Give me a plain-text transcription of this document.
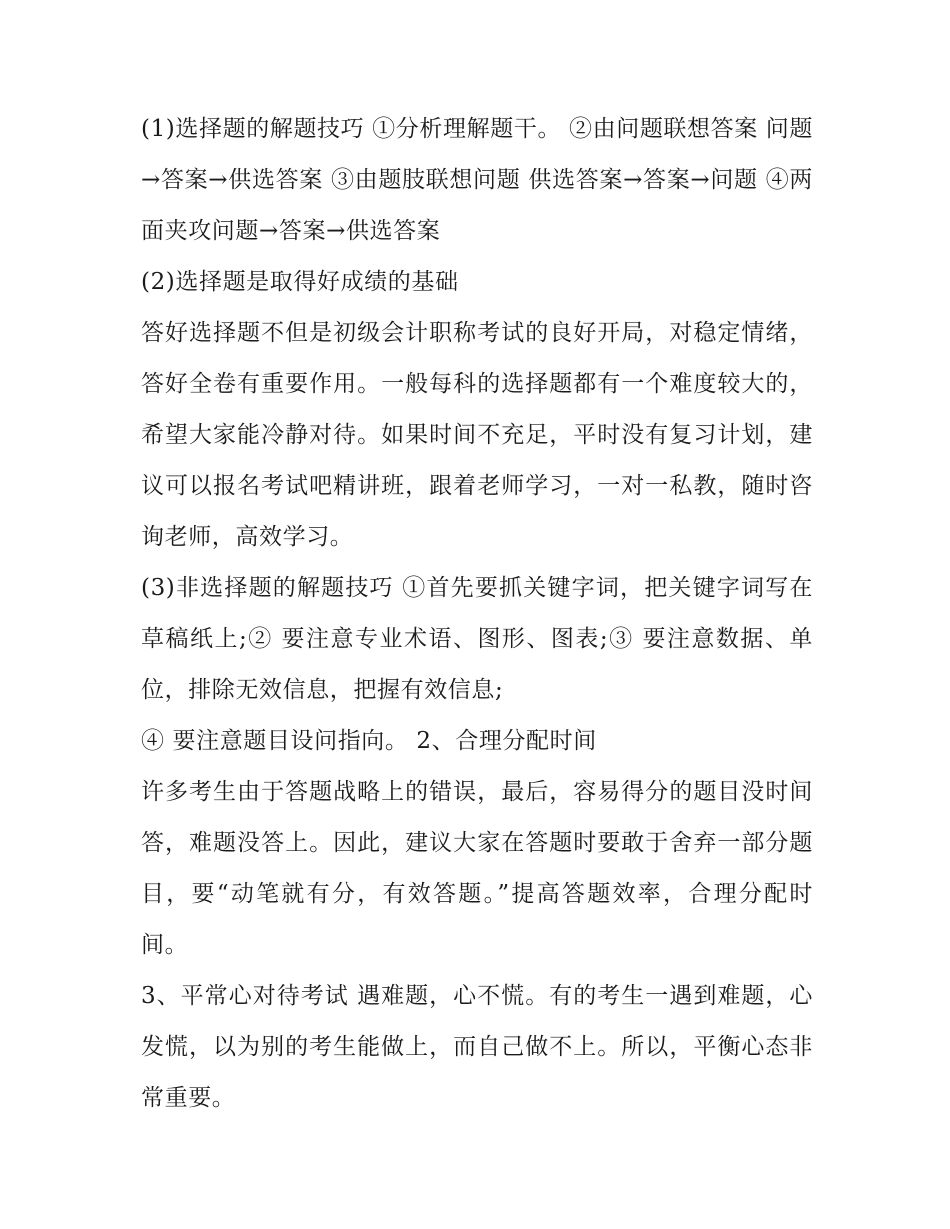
(1)选择题的解题技巧 ①分析理解题干。 ②由问题联想答案 问题→答案→供选答案 ③由题肢联想问题 供选答案→答案→问题 ④两面夹攻问题→答案→供选答案

(2)选择题是取得好成绩的基础

答好选择题不但是初级会计职称考试的良好开局，对稳定情绪，答好全卷有重要作用。一般每科的选择题都有一个难度较大的，希望大家能冷静对待。如果时间不充足，平时没有复习计划，建议可以报名考试吧精讲班，跟着老师学习，一对一私教，随时咨询老师，高效学习。

(3)非选择题的解题技巧 ①首先要抓关键字词，把关键字词写在草稿纸上;② 要注意专业术语、图形、图表;③ 要注意数据、单位，排除无效信息，把握有效信息;

④ 要注意题目设问指向。 2、合理分配时间

许多考生由于答题战略上的错误，最后，容易得分的题目没时间答，难题没答上。因此，建议大家在答题时要敢于舍弃一部分题目，要“动笔就有分，有效答题。”提高答题效率，合理分配时间。

3、平常心对待考试 遇难题，心不慌。有的考生一遇到难题，心发慌，以为别的考生能做上，而自己做不上。所以，平衡心态非常重要。
